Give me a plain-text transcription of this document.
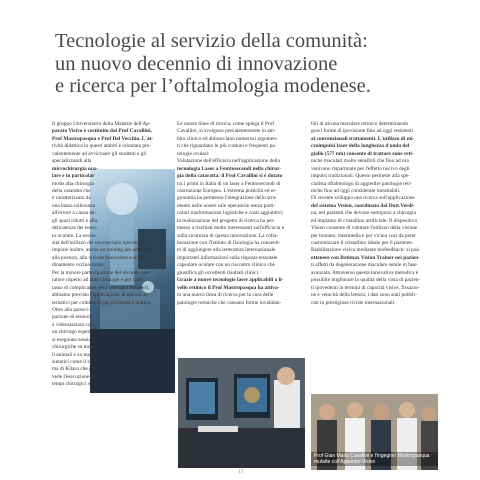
Tecnologie al servizio della comunità:
un nuovo decennio di innovazione
e ricerca per l’oftalmologia modenese.
Prof Gian Maria Cavallini e l'ingegner Mostropasqua
mulatte coll'Apparato Visivo
Il gruppo Universitario della Malattie dell'Ap-
parato Visivo è costituito dal Prof Cavallini,
Prof Mastropasqua e Prof Del Vecchio. L'at-
tività didattica in questi ambiti è orientata pre-
valentemente ad avvicinare gli studenti e gli
specializzandi alla
microchirurgia ocu-
lare e in particolar
modo alla chirurgia
della cataratta che
è caratterizzata da
una bassa tolleranza
all'errore a causa de-
gli spazi ridotti e alla
delicatezza dei tessu-
to oculare. La neces-
sità dell'utilizzo del microscopio operatorio,
impone inoltre, anche un training per adattarsi
alla postura, alla visione binoculare e al coor-
dinamento occhio-mano.
Per la minore partecipazione del secondo ope-
ratore rispetto ad altre chirurgie e per l'alto
tasso di complicanze per i chirurghi inesperti,
abbiamo previsto l'applicazione di metodi al-
ternativi per colmare il gap tra teoria e pratica.
Oltre alla parteci-
pazione di sessioni
a videostazioni con
un chirurgo esperto,
si eseguono sessioni
chirurgiche su model-
li animali e su modelli
sintetici come il siste-
ma di Kitaro che pre-
vede l'esecuzione di
tempi chirurgici reali.
Le nostre linee di ricerca, come spiega il Prof
Cavallini, si svolgono prevalentemente in am-
bito clinico ed abbracciano numerosi argomen-
ti che riguardano le più comuni e frequenti pa-
tologie oculari:
Valutazione dell'efficacia nell'applicazione della
tecnologia Laser a Femtosecondi nella chirur-
gia della cataratta: il Prof Cavallini si è dotato
tra i primi in Italia di un laser a Femtosecondi di
costruzione Europea. L'estrema praticità ed er-
gonomia ha permesso l'integrazione dello stru-
mento nelle nostre sale operatorie senza parti-
colari trasformazioni logistiche e costi aggiuntivi;
la realizzazione del progetto di ricerca ha per-
messo a rischiati molto interessanti sull'efficacia e
sulla sicurezza di questa innovazione. La colla-
borazione con l'Istituto di fisiologia ha consenti-
to di aggiungere alla letteratura internazionale
importanti informazioni sulla risposta tessutale
capsulare oculare con un riscontro clinico che
giustifica gli eccellenti risultati clinici.
Grazie a nuove tecnologie laser applicabili a li-
vello retinico il Prof Mastropasqua ha attiva-
to una nuova linea di ricerca per la cura delle
patologie retiniche che causano forme invalidan-
bili di alcuna maculare retinico determinando
gravi forme di ipovisione fino ad oggi resistenti
ai convenzionali trattamenti. L'utilizzo di mi-
croimpulsi laser della lunghezza d'onda del
giallo (577 nm) consente di trattare zone reti-
niche maculari molto sensibili che fino ad ora
venivano risparmiate per l'effetto nocivo degli
impulsi tradizionali. Questo permette alla spe-
cialista oftalmologo di aggredire patologie reti-
niche fino ad oggi considerate intrattabili.
Di recente sviluppo una ricerca sull'applicazione
del sistema Vision, coordinato dal Dott.Verdi-
na, nei pazienti che devono sottoporsi a chirurgia
ed impianto di cristallino artificiale. Il dispositivo
Vision consente di valutare l'utilizzo della visione
per lontano, intermedia e per vicino così da poter
customizzare il cristallino ideale per il paziente.
Riabilitazione visiva mediante biofeedback: si può
ottenere con Retimax Vision Trainer nei pazien-
ti affetti da degenerazione maculare senile in fase
avanzata. Attraverso questa innovativa metodica è
possibile migliorare la qualità della vista di pazien-
ti ipovedenti in termini di capacità visive, fissazio-
ne e velocità della lettura; i dati sono stati pubbli-
cati in prestigiose riviste internazionali.
17
